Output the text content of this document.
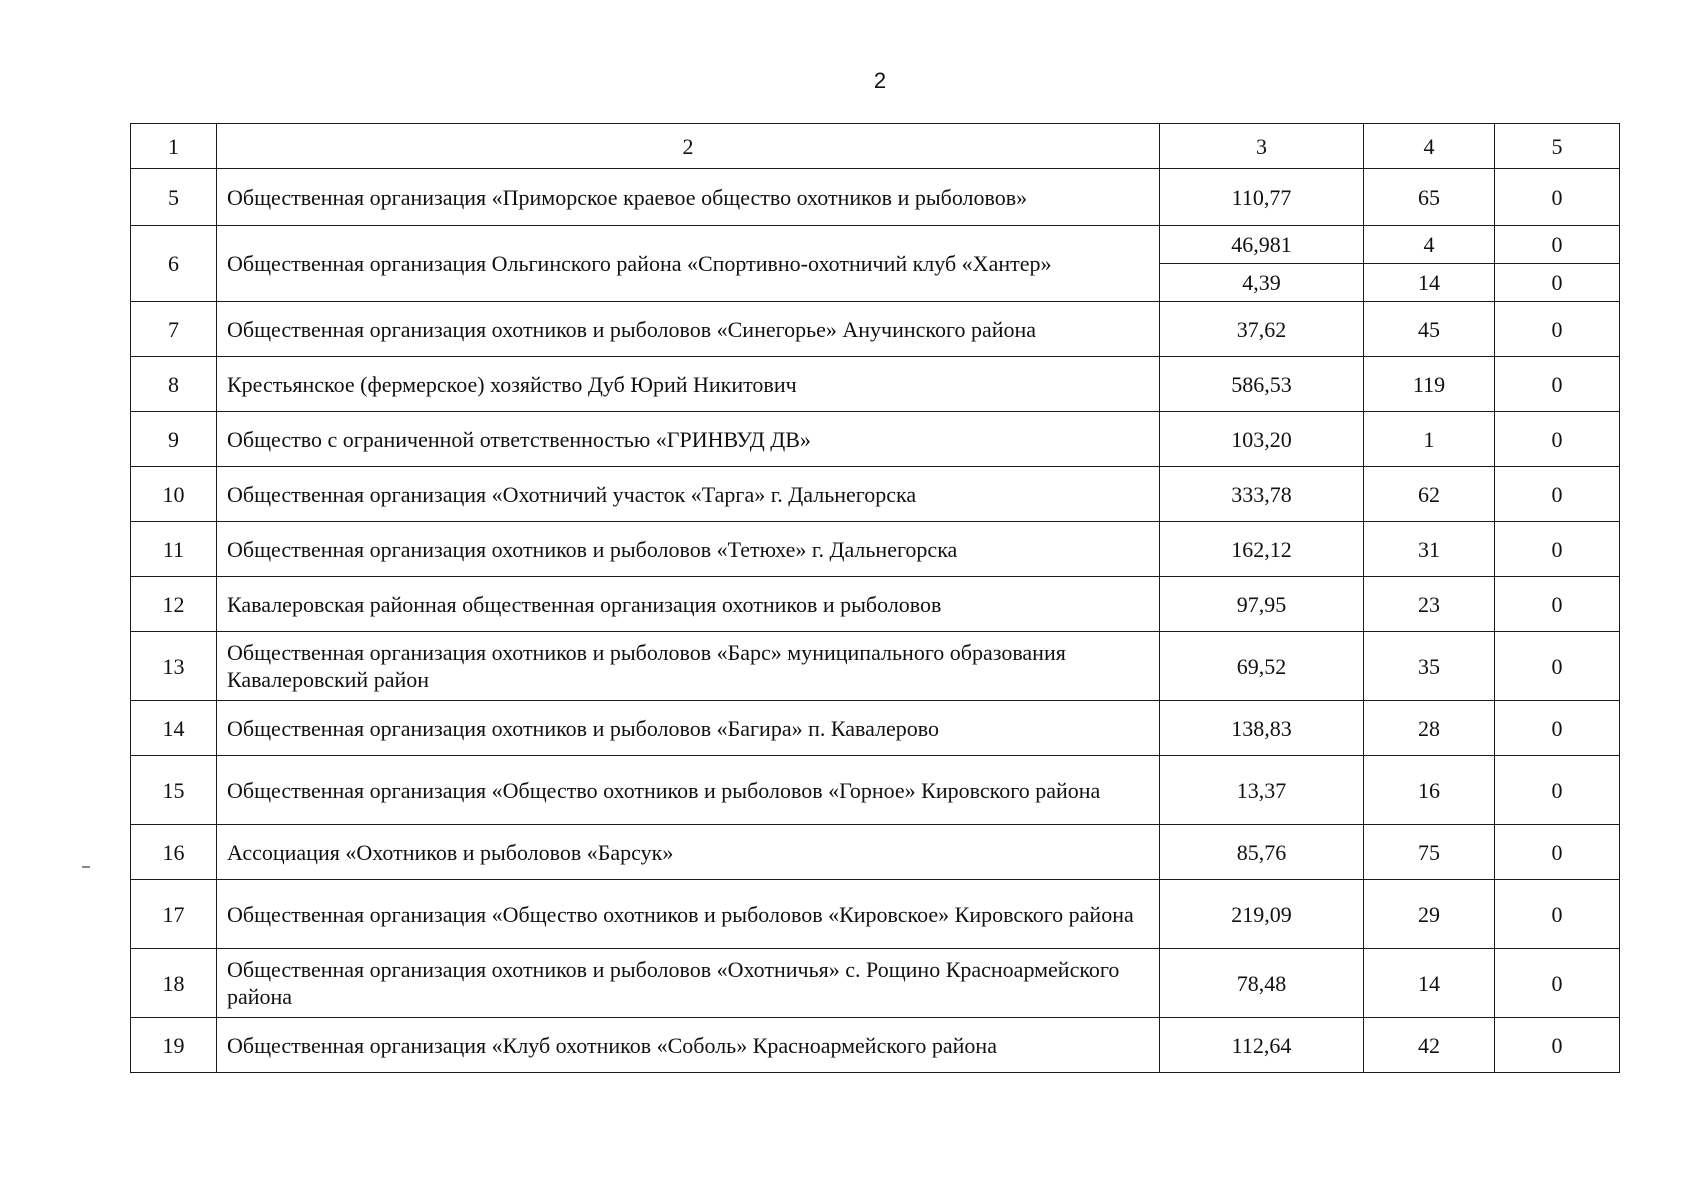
2
1	2	3	4	5
5	Общественная организация «Приморское краевое общество охотников и рыболовов»	110,77	65	0
6	Общественная организация Ольгинского района «Спортивно-охотничий клуб «Хантер»	46,981	4	0
		4,39	14	0
7	Общественная организация охотников и рыболовов «Синегорье» Анучинского района	37,62	45	0
8	Крестьянское (фермерское) хозяйство Дуб Юрий Никитович	586,53	119	0
9	Общество с ограниченной ответственностью «ГРИНВУД ДВ»	103,20	1	0
10	Общественная организация «Охотничий участок «Тарга» г. Дальнегорска	333,78	62	0
11	Общественная организация охотников и рыболовов «Тетюхе» г. Дальнегорска	162,12	31	0
12	Кавалеровская районная общественная организация охотников и рыболовов	97,95	23	0
13	Общественная организация охотников и рыболовов «Барс» муниципального образования Кавалеровский район	69,52	35	0
14	Общественная организация охотников и рыболовов «Багира» п. Кавалерово	138,83	28	0
15	Общественная организация «Общество охотников и рыболовов «Горное» Кировского района	13,37	16	0
16	Ассоциация «Охотников и рыболовов «Барсук»	85,76	75	0
17	Общественная организация «Общество охотников и рыболовов «Кировское» Кировского района	219,09	29	0
18	Общественная организация охотников и рыболовов «Охотничья» с. Рощино Красноармейского района	78,48	14	0
19	Общественная организация «Клуб охотников «Соболь» Красноармейского района	112,64	42	0
